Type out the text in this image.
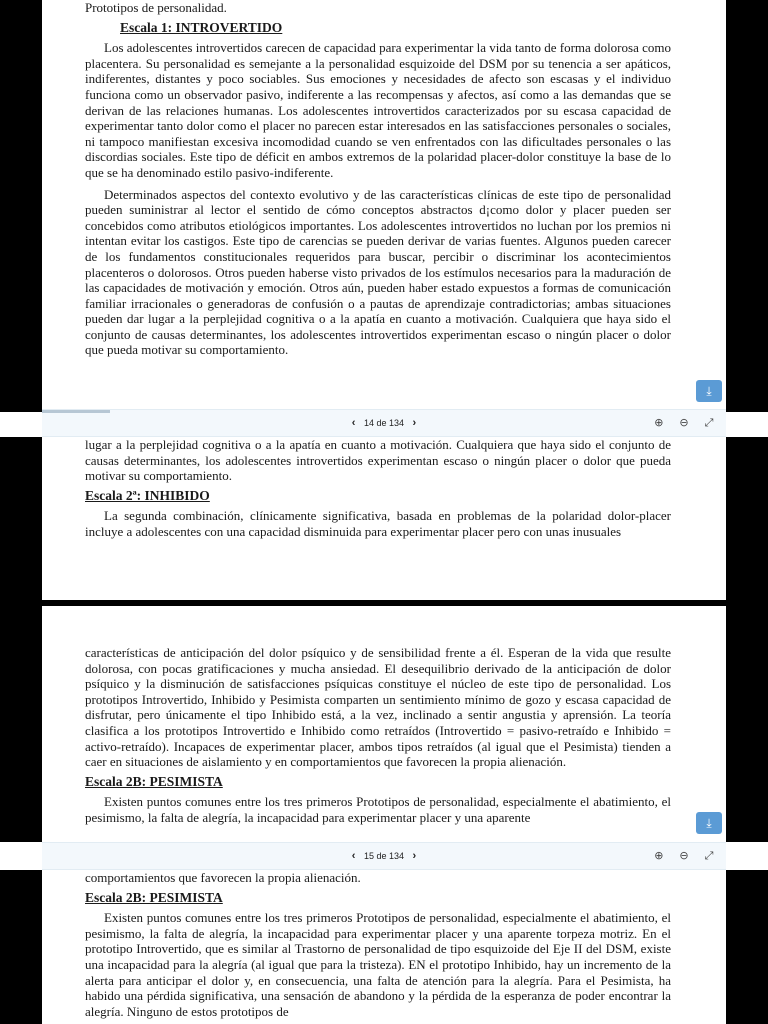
Prototipos de personalidad.

Escala 1: INTROVERTIDO

Los adolescentes introvertidos carecen de capacidad para experimentar la vida tanto de forma dolorosa como placentera. Su personalidad es semejante a la personalidad esquizoide del DSM por su tenencia a ser apáticos, indiferentes, distantes y poco sociables. Sus emociones y necesidades de afecto son escasas y el individuo funciona como un observador pasivo, indiferente a las recompensas y afectos, así como a las demandas que se derivan de las relaciones humanas. Los adolescentes introvertidos caracterizados por su escasa capacidad de experimentar tanto dolor como el placer no parecen estar interesados en las satisfacciones personales o sociales, ni tampoco manifiestan excesiva incomodidad cuando se ven enfrentados con las dificultades personales o las discordias sociales. Este tipo de déficit en ambos extremos de la polaridad placer-dolor constituye la base de lo que se ha denominado estilo pasivo-indiferente.

Determinados aspectos del contexto evolutivo y de las características clínicas de este tipo de personalidad pueden suministrar al lector el sentido de cómo conceptos abstractos d¡como dolor y placer pueden ser concebidos como atributos etiológicos importantes. Los adolescentes introvertidos no luchan por los premios ni intentan evitar los castigos. Este tipo de carencias se pueden derivar de varias fuentes. Algunos pueden carecer de los fundamentos constitucionales requeridos para buscar, percibir o discriminar los acontecimientos placenteros o dolorosos. Otros pueden haberse visto privados de los estímulos necesarios para la maduración de las capacidades de motivación y emoción. Otros aún, pueden haber estado expuestos a formas de comunicación familiar irracionales o generadoras de confusión o a pautas de aprendizaje contradictorias; ambas situaciones pueden dar lugar a la perplejidad cognitiva o a la apatía en cuanto a motivación. Cualquiera que haya sido el conjunto de causas determinantes, los adolescentes introvertidos experimentan escaso o ningún placer o dolor que pueda motivar su comportamiento.

⤓
‹ 14 de 134 ›	⊕ ⊖ ⤢

lugar a la perplejidad cognitiva o a la apatía en cuanto a motivación. Cualquiera que haya sido el conjunto de causas determinantes, los adolescentes introvertidos experimentan escaso o ningún placer o dolor que pueda motivar su comportamiento.

Escala 2ª: INHIBIDO

La segunda combinación, clínicamente significativa, basada en problemas de la polaridad dolor-placer incluye a adolescentes con una capacidad disminuida para experimentar placer pero con unas inusuales

características de anticipación del dolor psíquico y de sensibilidad frente a él. Esperan de la vida que resulte dolorosa, con pocas gratificaciones y mucha ansiedad. El desequilibrio derivado de la anticipación de dolor psíquico y la disminución de satisfacciones psíquicas constituye el núcleo de este tipo de personalidad. Los prototipos Introvertido, Inhibido y Pesimista comparten un sentimiento mínimo de gozo y escasa capacidad de disfrutar, pero únicamente el tipo Inhibido está, a la vez, inclinado a sentir angustia y aprensión. La teoría clasifica a los prototipos Introvertido e Inhibido como retraídos (Introvertido = pasivo-retraído e Inhibido = activo-retraído). Incapaces de experimentar placer, ambos tipos retraídos (al igual que el Pesimista) tienden a caer en situaciones de aislamiento y en comportamientos que favorecen la propia alienación.

Escala 2B: PESIMISTA

Existen puntos comunes entre los tres primeros Prototipos de personalidad, especialmente el abatimiento, el pesimismo, la falta de alegría, la incapacidad para experimentar placer y una aparente	⤓
‹ 15 de 134 ›	⊕ ⊖ ⤢

comportamientos que favorecen la propia alienación.

Escala 2B: PESIMISTA

Existen puntos comunes entre los tres primeros Prototipos de personalidad, especialmente el abatimiento, el pesimismo, la falta de alegría, la incapacidad para experimentar placer y una aparente torpeza motriz. En el prototipo Introvertido, que es similar al Trastorno de personalidad de tipo esquizoide del Eje II del DSM, existe una incapacidad para la alegría (al igual que para la tristeza). EN el prototipo Inhibido, hay un incremento de la alerta para anticipar el dolor y, en consecuencia, una falta de atención para la alegría. Para el Pesimista, ha habido una pérdida significativa, una sensación de abandono y la pérdida de la esperanza de poder encontrar la alegría. Ninguno de estos prototipos de
